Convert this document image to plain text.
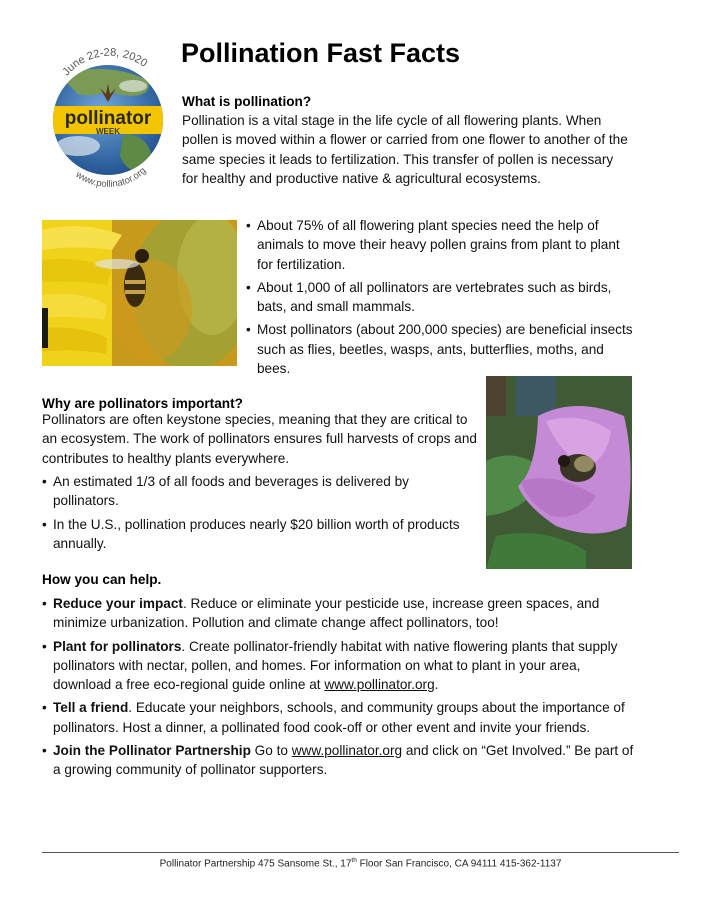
pollinator
WEEK
June 22-28, 2020
www.pollinator.org
Pollination Fast Facts
What is pollination?
Pollination is a vital stage in the life cycle of all flowering plants. When pollen is moved within a flower or carried from one flower to another of the same species it leads to fertilization. This transfer of pollen is necessary for healthy and productive native & agricultural ecosystems.
• About 75% of all flowering plant species need the help of animals to move their heavy pollen grains from plant to plant for fertilization.
• About 1,000 of all pollinators are vertebrates such as birds, bats, and small mammals.
• Most pollinators (about 200,000 species) are beneficial insects such as flies, beetles, wasps, ants, butterflies, moths, and bees.
Why are pollinators important?
Pollinators are often keystone species, meaning that they are critical to an ecosystem. The work of pollinators ensures full harvests of crops and contributes to healthy plants everywhere.
• An estimated 1/3 of all foods and beverages is delivered by pollinators.
• In the U.S., pollination produces nearly $20 billion worth of products annually.
How you can help.
• Reduce your impact. Reduce or eliminate your pesticide use, increase green spaces, and minimize urbanization. Pollution and climate change affect pollinators, too!
• Plant for pollinators. Create pollinator-friendly habitat with native flowering plants that supply pollinators with nectar, pollen, and homes. For information on what to plant in your area, download a free eco-regional guide online at www.pollinator.org.
• Tell a friend. Educate your neighbors, schools, and community groups about the importance of pollinators. Host a dinner, a pollinated food cook-off or other event and invite your friends.
• Join the Pollinator Partnership Go to www.pollinator.org and click on “Get Involved.” Be part of a growing community of pollinator supporters.
Pollinator Partnership 475 Sansome St., 17th Floor San Francisco, CA 94111 415-362-1137
